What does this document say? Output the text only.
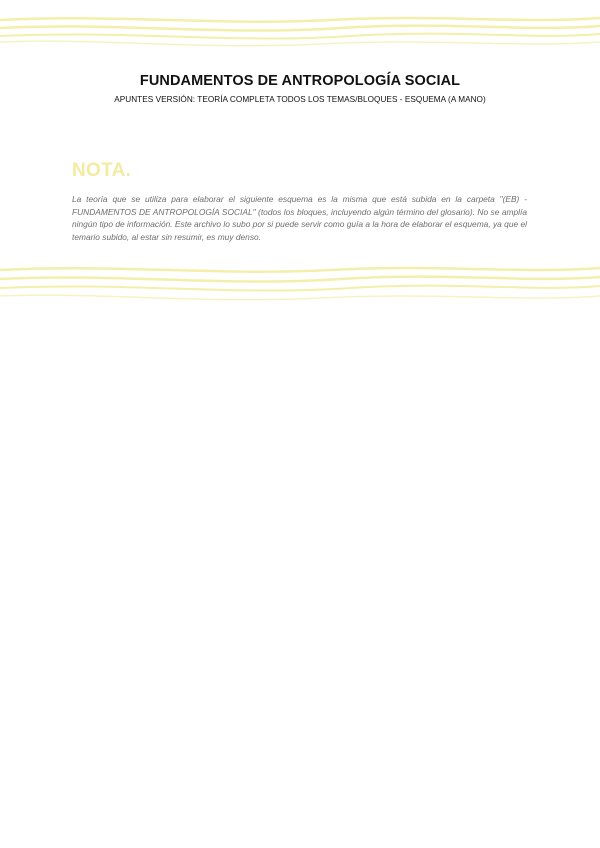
FUNDAMENTOS DE ANTROPOLOGÍA SOCIAL

APUNTES VERSIÓN: TEORÍA COMPLETA TODOS LOS TEMAS/BLOQUES - ESQUEMA (A MANO)

NOTA.

La teoría que se utiliza para elaborar el siguiente esquema es la misma que está subida en la carpeta "(EB) - FUNDAMENTOS DE ANTROPOLOGÍA SOCIAL" (todos los bloques, incluyendo algún término del glosario). No se amplía ningún tipo de información. Este archivo lo subo por si puede servir como guía a la hora de elaborar el esquema, ya que el temario subido, al estar sin resumir, es muy denso.
